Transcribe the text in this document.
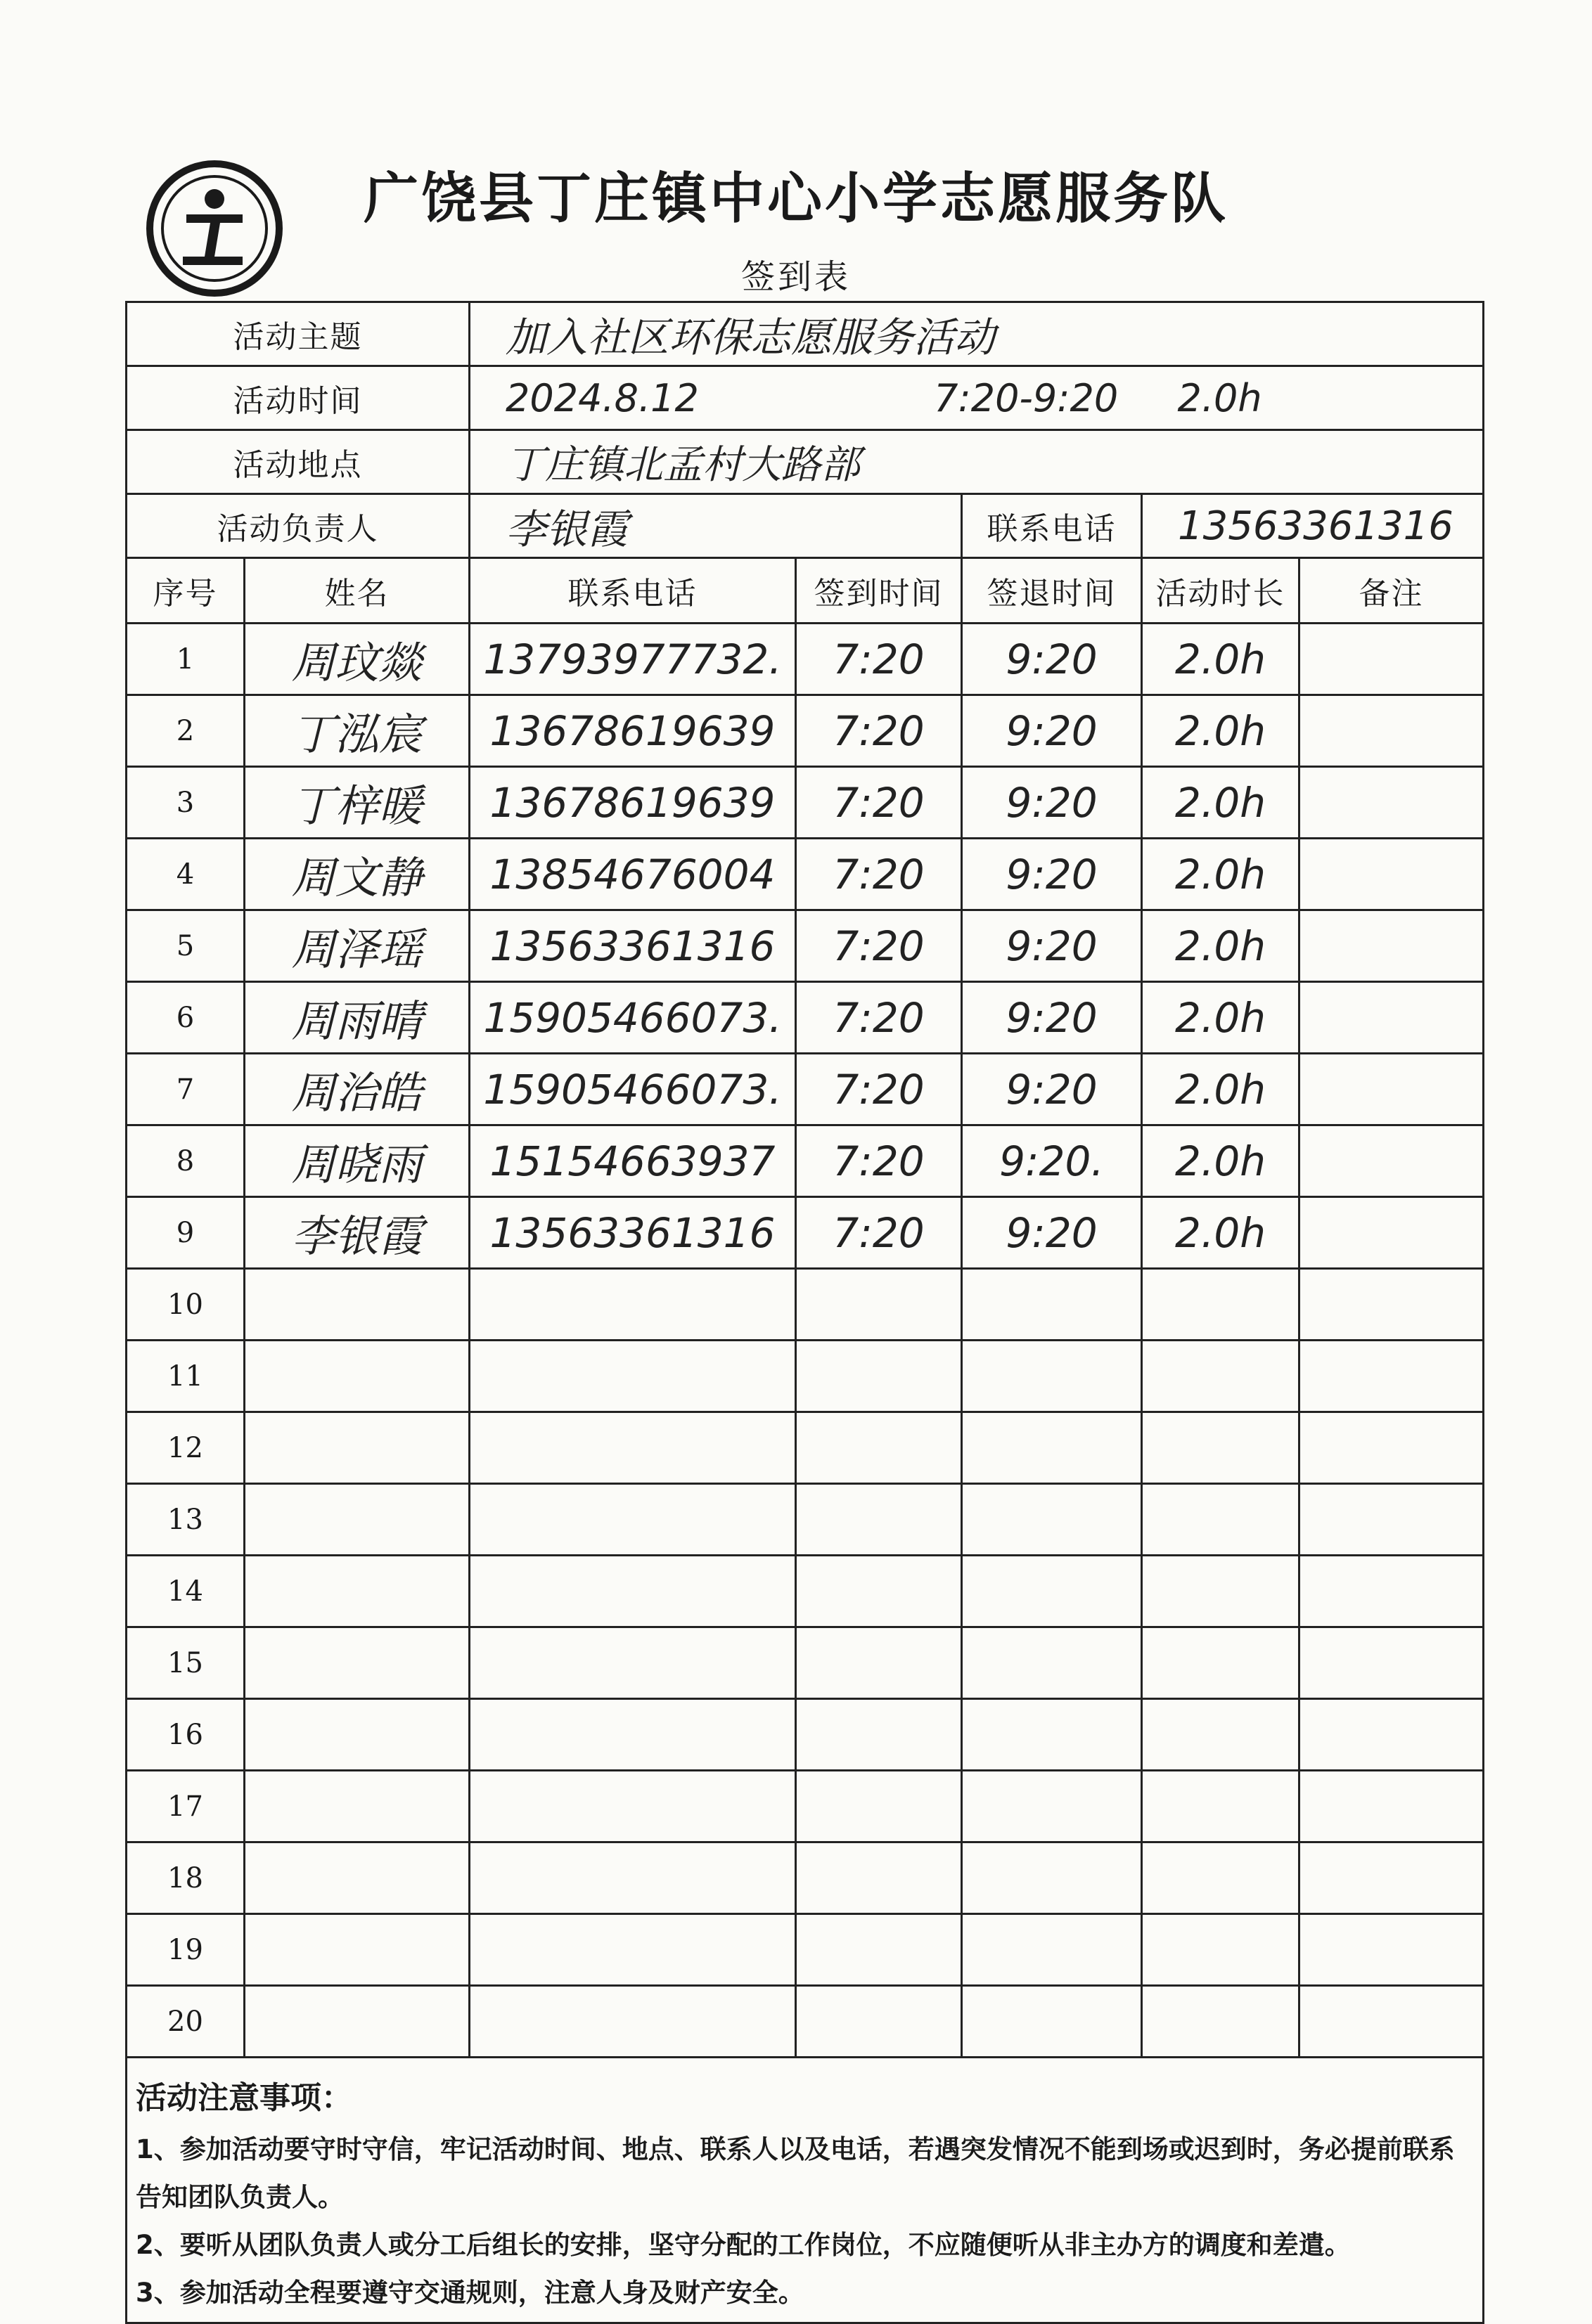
广饶县丁庄镇中心小学志愿服务队
签到表
活动主题		加入社区环保志愿服务活动				
活动时间		2024.8.12 7:20-9:20 2.0h				
活动地点		丁庄镇北孟村大路部				
活动负责人		李银霞		联系电话	13563361316	
序号	姓名	联系电话	签到时间	签退时间	活动时长	备注
1	周玟燚	13793977732.	7:20	9:20	2.0h	
2	丁泓宸	13678619639	7:20	9:20	2.0h	
3	丁梓暖	13678619639	7:20	9:20	2.0h	
4	周文静	13854676004	7:20	9:20	2.0h	
5	周泽瑶	13563361316	7:20	9:20	2.0h	
6	周雨晴	15905466073.	7:20	9:20	2.0h	
7	周治皓	15905466073.	7:20	9:20	2.0h	
8	周晓雨	15154663937	7:20	9:20.	2.0h	
9	李银霞	13563361316	7:20	9:20	2.0h	
10						
11						
12						
13						
14						
15						
16						
17						
18						
19						
20						

活动注意事项：
1、参加活动要守时守信，牢记活动时间、地点、联系人以及电话，若遇突发情况不能到场或迟到时，务必提前联系告知团队负责人。
2、要听从团队负责人或分工后组长的安排，坚守分配的工作岗位，不应随便听从非主办方的调度和差遣。
3、参加活动全程要遵守交通规则，注意人身及财产安全。						
